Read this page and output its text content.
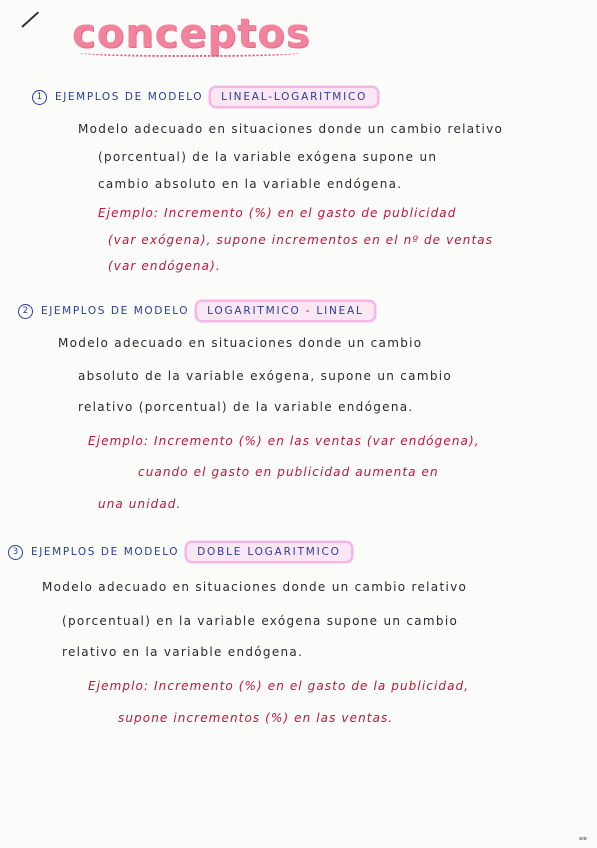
conceptos
1	EJEMPLOS DE MODELO	LINEAL-LOGARITMICO
Modelo adecuado en situaciones donde un cambio relativo
(porcentual) de la variable exógena supone un
cambio absoluto en la variable endógena.
Ejemplo: Incremento (%) en el gasto de publicidad
(var exógena), supone incrementos en el nº de ventas
(var endógena).
2	EJEMPLOS DE MODELO	LOGARITMICO - LINEAL
Modelo adecuado en situaciones donde un cambio
absoluto de la variable exógena, supone un cambio
relativo (porcentual) de la variable endógena.
Ejemplo: Incremento (%) en las ventas (var endógena),
cuando el gasto en publicidad aumenta en
una unidad.
3	EJEMPLOS DE MODELO	DOBLE LOGARITMICO
Modelo adecuado en situaciones donde un cambio relativo
(porcentual) en la variable exógena supone un cambio
relativo en la variable endógena.
Ejemplo: Incremento (%) en el gasto de la publicidad,
supone incrementos (%) en las ventas.
▪▪
